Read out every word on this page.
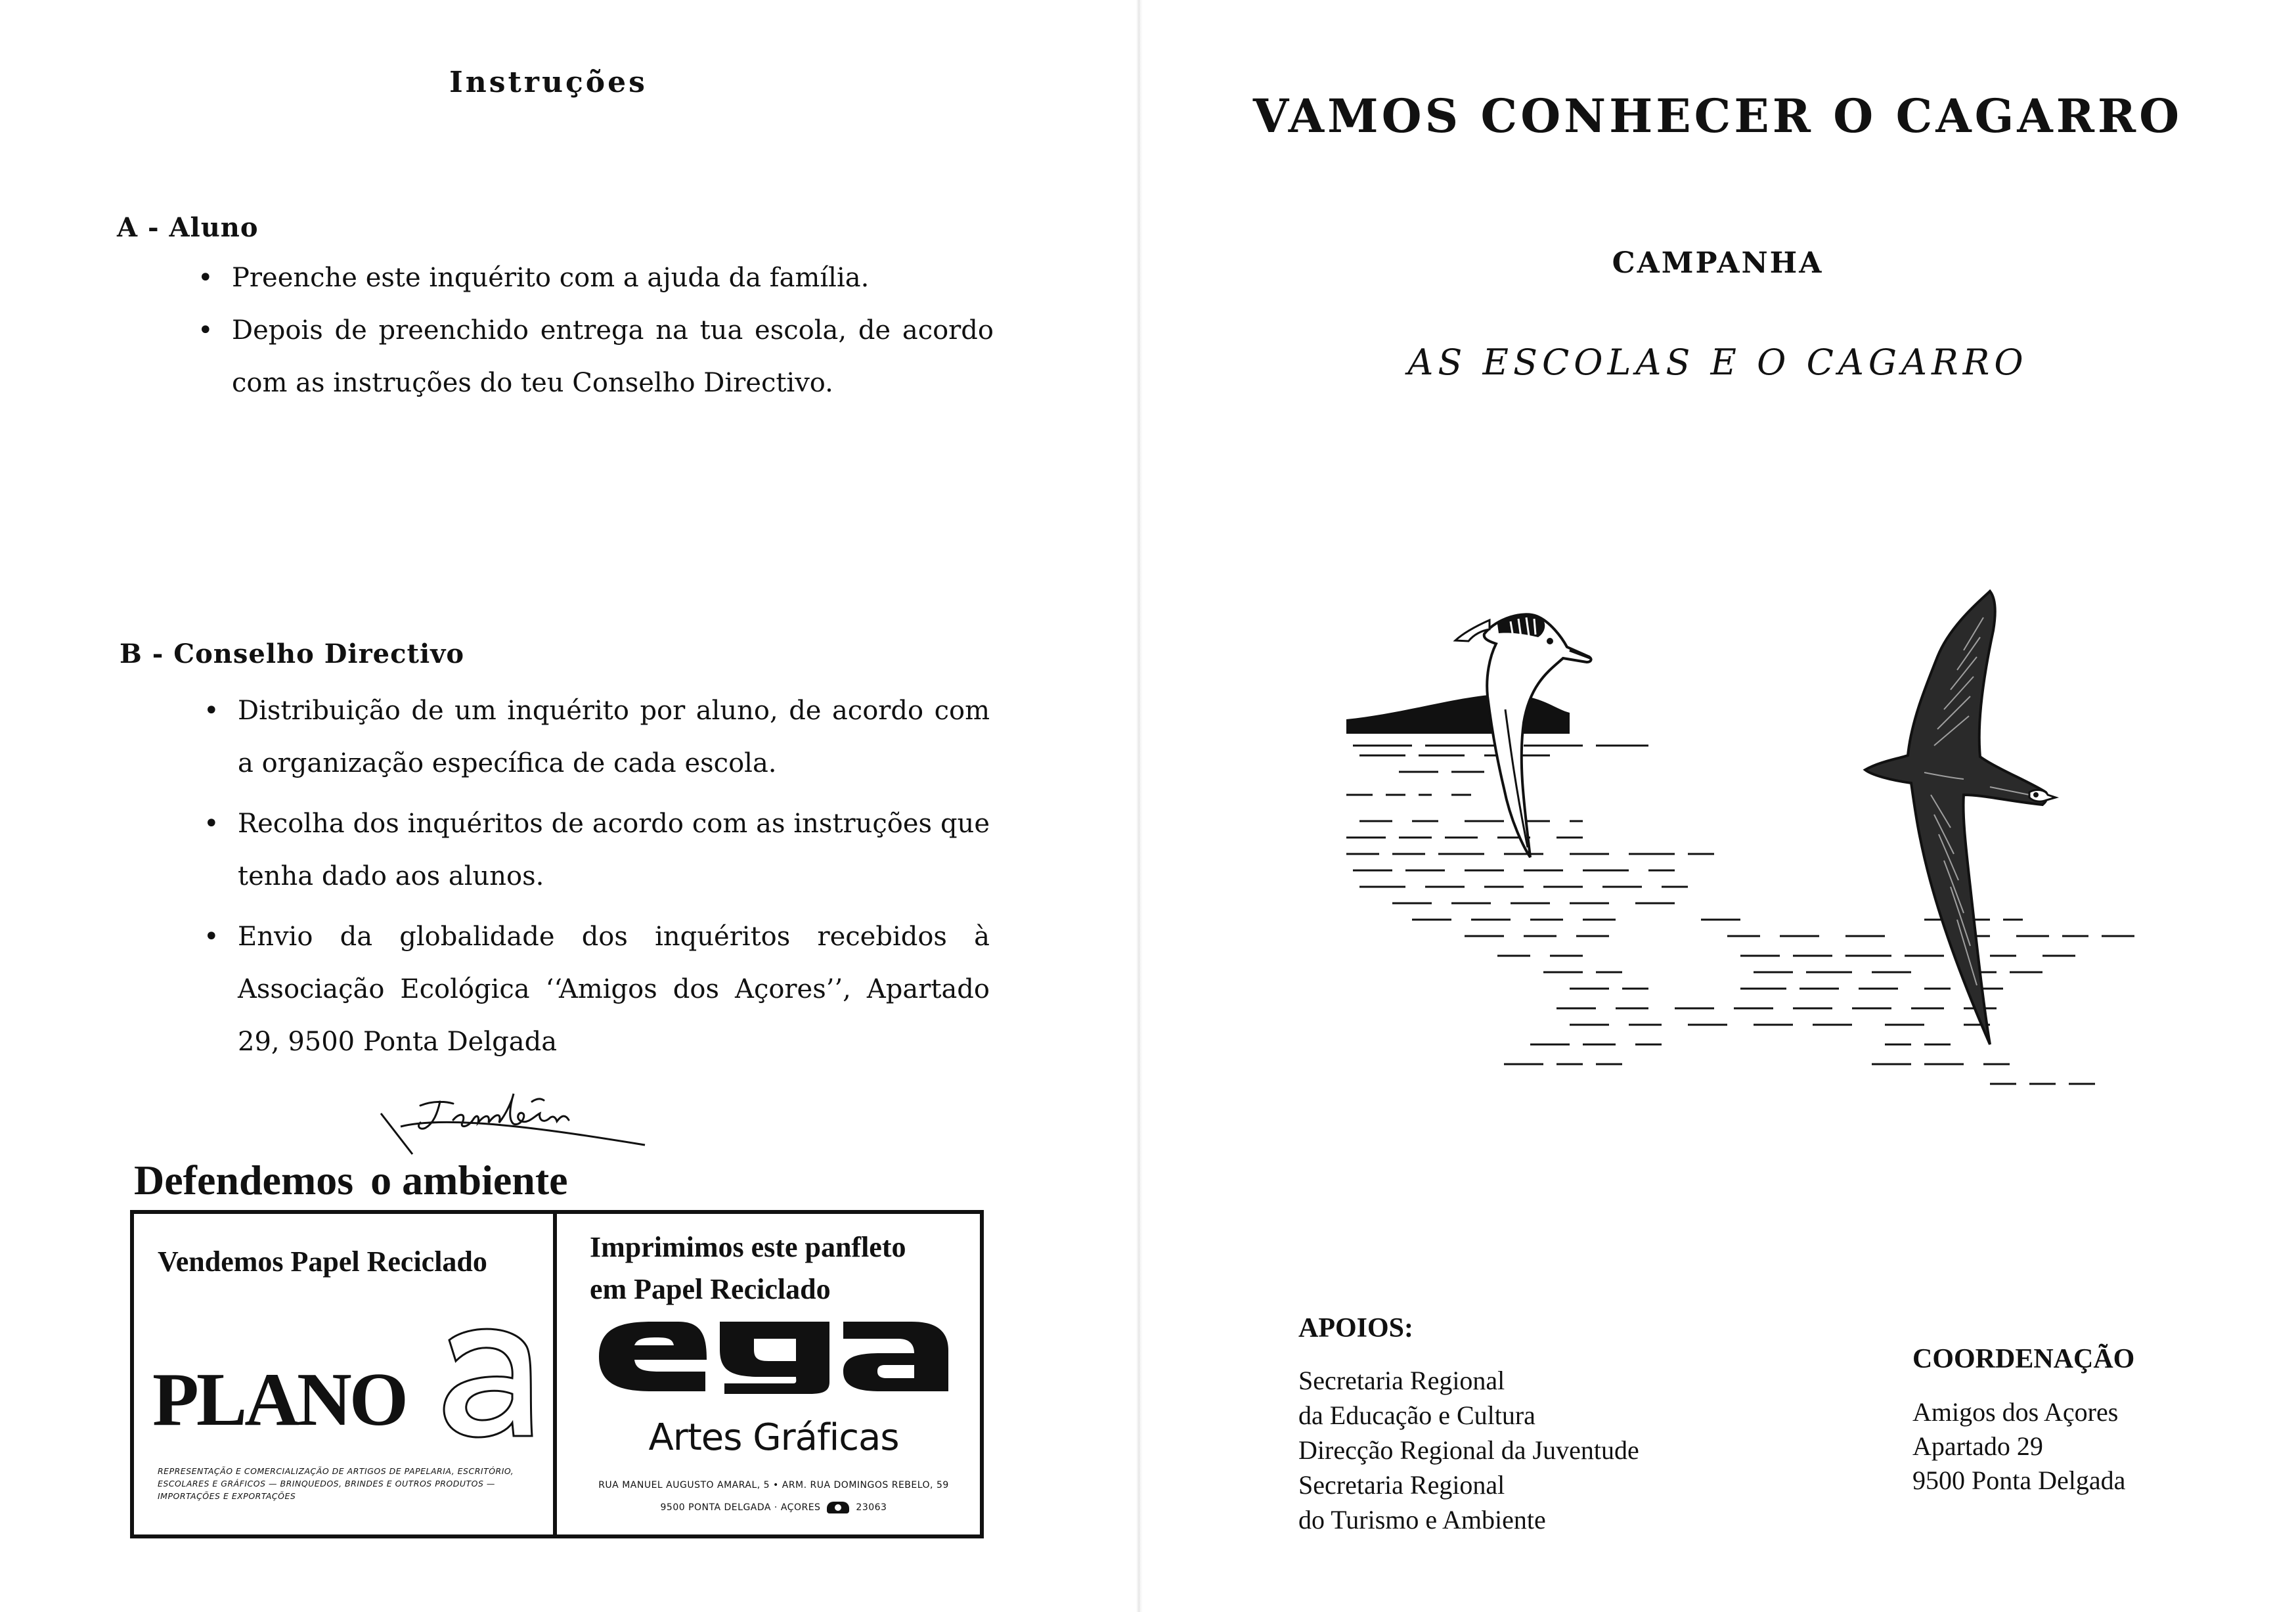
Instruções
A - Aluno
• Preenche este inquérito com a ajuda da família.
• Depois de preenchido entrega na tua escola, de acordo com as instruções do teu Conselho Directivo.
B - Conselho Directivo
• Distribuição de um inquérito por aluno, de acordo com a organização específica de cada escola.
• Recolha dos inquéritos de acordo com as instruções que tenha dado aos alunos.
• Envio da globalidade dos inquéritos recebidos à Associação Ecológica ‘‘Amigos dos Açores’’, Apartado 29, 9500 Ponta Delgada
Defendemos o ambiente
Vendemos Papel Reciclado
PLANO	a
REPRESENTAÇÃO E COMERCIALIZAÇÃO DE ARTIGOS DE PAPELARIA, ESCRITÓRIO, ESCOLARES E GRÁFICOS — BRINQUEDOS, BRINDES E OUTROS PRODUTOS — IMPORTAÇÕES E EXPORTAÇÕES
Imprimimos este panfleto
em Papel Reciclado
ega
Artes Gráficas
RUA MANUEL AUGUSTO AMARAL, 5 • ARM. RUA DOMINGOS REBELO, 59
9500 PONTA DELGADA · AÇORES	23063
VAMOS CONHECER O CAGARRO
CAMPANHA
AS ESCOLAS E O CAGARRO
APOIOS:
Secretaria Regional
da Educação e Cultura
Direcção Regional da Juventude
Secretaria Regional
do Turismo e Ambiente
COORDENAÇÃO
Amigos dos Açores
Apartado 29
9500 Ponta Delgada
